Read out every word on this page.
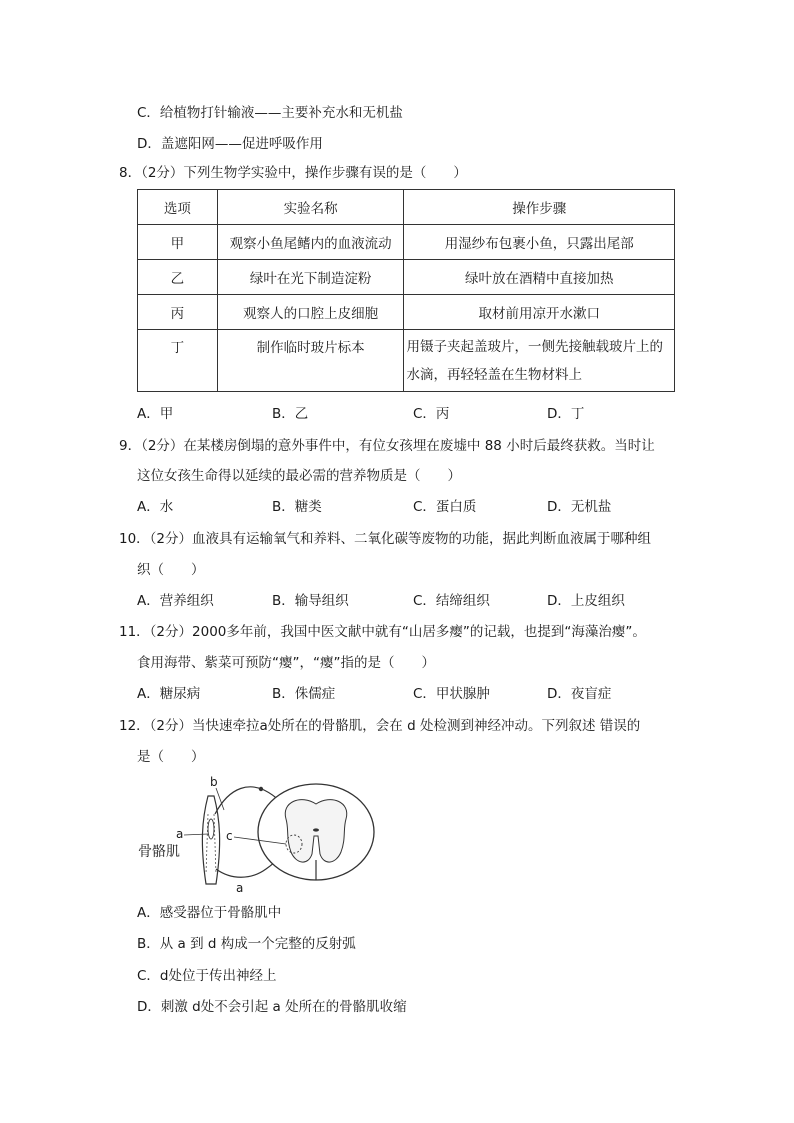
C．给植物打针输液——主要补充水和无机盐
D．盖遮阳网——促进呼吸作用
8．（2分）下列生物学实验中，操作步骤有误的是（　　）
选项	实验名称	操作步骤
甲	观察小鱼尾鳍内的血液流动	用湿纱布包裹小鱼，只露出尾部
乙	绿叶在光下制造淀粉	绿叶放在酒精中直接加热
丙	观察人的口腔上皮细胞	取材前用凉开水漱口
丁	制作临时玻片标本	用镊子夹起盖玻片，一侧先接触载玻片上的
水滴，再轻轻盖在生物材料上
A．甲	B．乙	C．丙	D．丁
9．（2分）在某楼房倒塌的意外事件中，有位女孩埋在废墟中 88 小时后最终获救。当时让
这位女孩生命得以延续的最必需的营养物质是（　　）
A．水	B．糖类	C．蛋白质	D．无机盐
10．（2分）血液具有运输氧气和养料、二氧化碳等废物的功能，据此判断血液属于哪种组
织（　　）
A．营养组织	B．输导组织	C．结缔组织	D．上皮组织
11．（2分）2000多年前，我国中医文献中就有“山居多瘿”的记载，也提到“海藻治瘿”。
食用海带、紫菜可预防“瘿”，“瘿”指的是（　　）
A．糖尿病	B．侏儒症	C．甲状腺肿	D．夜盲症
12．（2分）当快速牵拉a处所在的骨骼肌，会在 d 处检测到神经冲动。下列叙述 错误的
是（　　）
骨骼肌
a
b
a
c
A．感受器位于骨骼肌中
B．从 a 到 d 构成一个完整的反射弧
C．d处位于传出神经上
D．刺激 d处不会引起 a 处所在的骨骼肌收缩
